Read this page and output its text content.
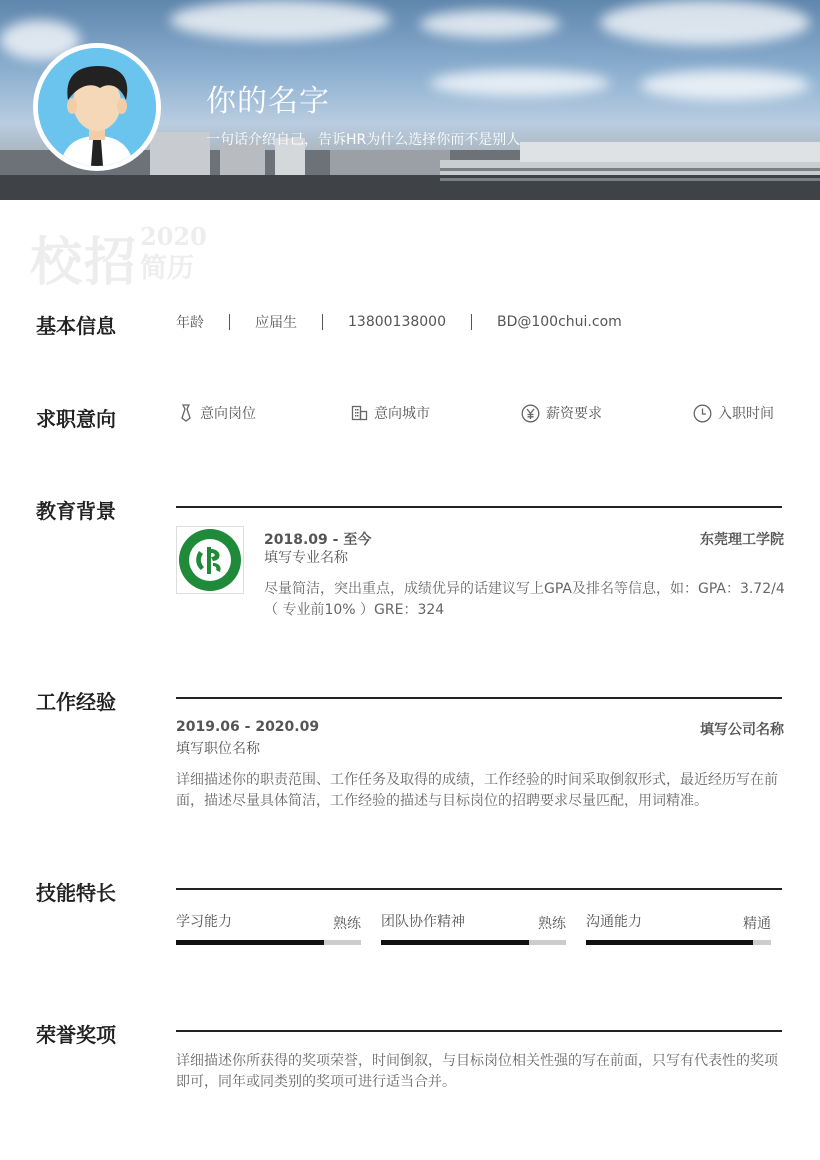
你的名字
一句话介绍自己，告诉HR为什么选择你而不是别人
校招 2020
简历
基本信息	年龄	应届生	13800138000	BD@100chui.com
求职意向	意向岗位	意向城市	薪资要求	入职时间
教育背景
2018.09 - 至今	东莞理工学院
填写专业名称
尽量简洁，突出重点，成绩优异的话建议写上GPA及排名等信息，如：GPA：3.72/4（ 专业前10% ）GRE：324
工作经验
2019.06 - 2020.09	填写公司名称
填写职位名称
详细描述你的职责范围、工作任务及取得的成绩，工作经验的时间采取倒叙形式，最近经历写在前面，描述尽量具体简洁，工作经验的描述与目标岗位的招聘要求尽量匹配，用词精准。
技能特长
学习能力	熟练 团队协作精神	熟练 沟通能力	精通
荣誉奖项
详细描述你所获得的奖项荣誉，时间倒叙，与目标岗位相关性强的写在前面，只写有代表性的奖项即可，同年或同类别的奖项可进行适当合并。
